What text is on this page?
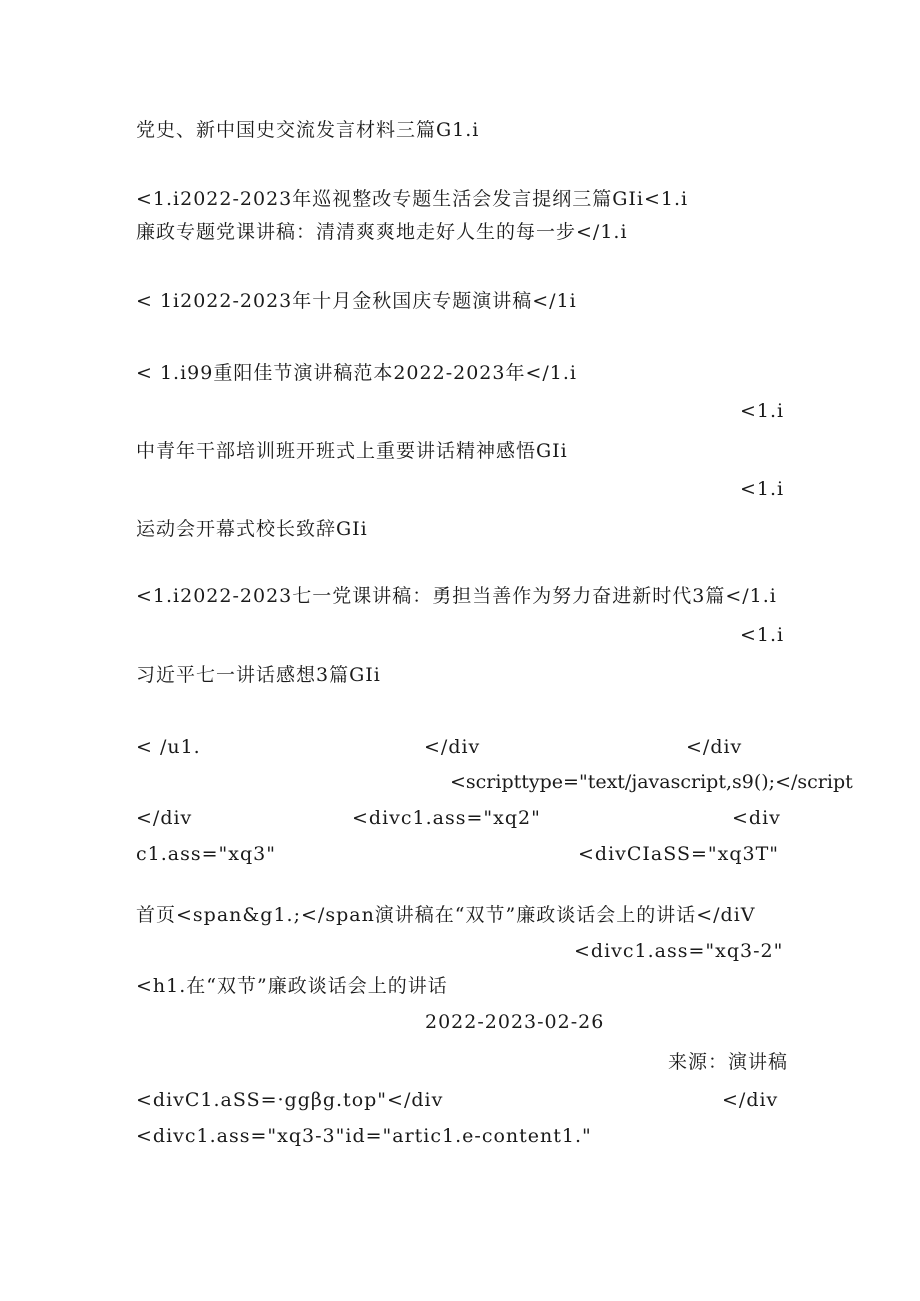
党史、新中国史交流发言材料三篇G1.i
<1.i2022-2023年巡视整改专题生活会发言提纲三篇GIi<1.i
廉政专题党课讲稿：清清爽爽地走好人生的每一步</1.i
< 1i2022-2023年十月金秋国庆专题演讲稿</1i
< 1.i99重阳佳节演讲稿范本2022-2023年</1.i
<1.i
中青年干部培训班开班式上重要讲话精神感悟GIi
<1.i
运动会开幕式校长致辞GIi
<1.i2022-2023七一党课讲稿：勇担当善作为努力奋进新时代3篇</1.i
<1.i
习近平七一讲话感想3篇GIi
< /u1.	</div	</div
<scripttype="text/javascript,s9();</script
</div	<divc1.ass="xq2"	<div
c1.ass="xq3"	<divCIaSS="xq3T"
首页<span&g1.;</span演讲稿在“双节”廉政谈话会上的讲话</diV
<divc1.ass="xq3-2"
<h1.在“双节”廉政谈话会上的讲话
2022-2023-02-26
来源：演讲稿
<divC1.aSS=·ggβg.top"</div	</div
<divc1.ass="xq3-3"id="artic1.e-content1."
